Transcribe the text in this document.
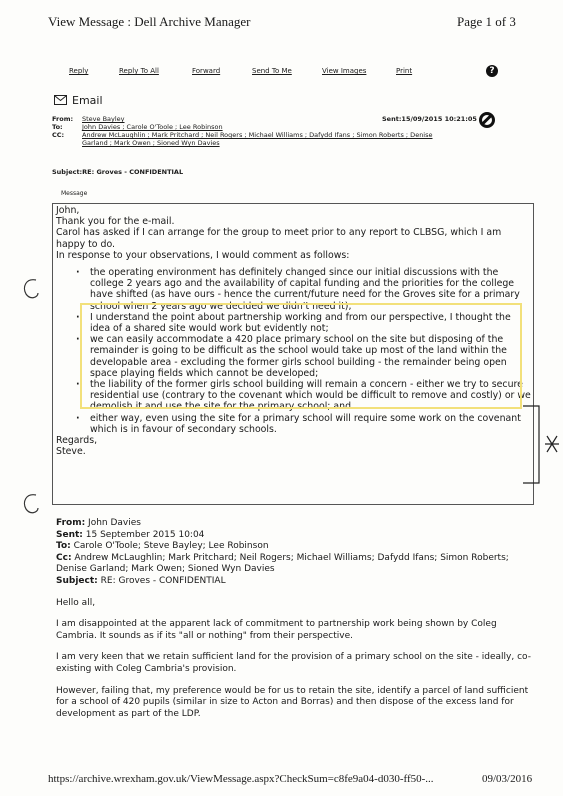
View Message : Dell Archive Manager	Page 1 of 3
Reply	Reply To All	Forward	Send To Me	View Images	Print	?
Email
From: Steve Bayley
To:	John Davies ; Carole O'Toole ; Lee Robinson
CC:	Andrew McLaughlin ; Mark Pritchard ; Neil Rogers ; Michael Williams ; Dafydd Ifans ; Simon Roberts ; Denise
Garland ; Mark Owen ; Sioned Wyn Davies
Sent:15/09/2015 10:21:05
Subject:RE: Groves - CONFIDENTIAL
Message

John,

Thank you for the e-mail.

Carol has asked if I can arrange for the group to meet prior to any report to CLBSG, which I am happy to do.

In response to your observations, I would comment as follows:

· the operating environment has definitely changed since our initial discussions with the college 2 years ago and the availability of capital funding and the priorities for the college have shifted (as have ours - hence the current/future need for the Groves site for a primary school when 2 years ago we decided we didn't need it);
· I understand the point about partnership working and from our perspective, I thought the idea of a shared site would work but evidently not;
· we can easily accommodate a 420 place primary school on the site but disposing of the remainder is going to be difficult as the school would take up most of the land within the developable area - excluding the former girls school building - the remainder being open space playing fields which cannot be developed;
· the liability of the former girls school building will remain a concern - either we try to secure residential use (contrary to the covenant which would be difficult to remove and costly) or we demolish it and use the site for the primary school; and
· either way, even using the site for a primary school will require some work on the covenant which is in favour of secondary schools.

Regards,

Steve.

From: John Davies

Sent: 15 September 2015 10:04

To: Carole O'Toole; Steve Bayley; Lee Robinson

Cc: Andrew McLaughlin; Mark Pritchard; Neil Rogers; Michael Williams; Dafydd Ifans; Simon Roberts; Denise Garland; Mark Owen; Sioned Wyn Davies

Subject: RE: Groves - CONFIDENTIAL

Hello all,

I am disappointed at the apparent lack of commitment to partnership work being shown by Coleg Cambria. It sounds as if its "all or nothing" from their perspective.

I am very keen that we retain sufficient land for the provision of a primary school on the site - ideally, co-existing with Coleg Cambria's provision.

However, failing that, my preference would be for us to retain the site, identify a parcel of land sufficient for a school of 420 pupils (similar in size to Acton and Borras) and then dispose of the excess land for development as part of the LDP.

https://archive.wrexham.gov.uk/ViewMessage.aspx?CheckSum=c8fe9a04-d030-ff50-...	09/03/2016
